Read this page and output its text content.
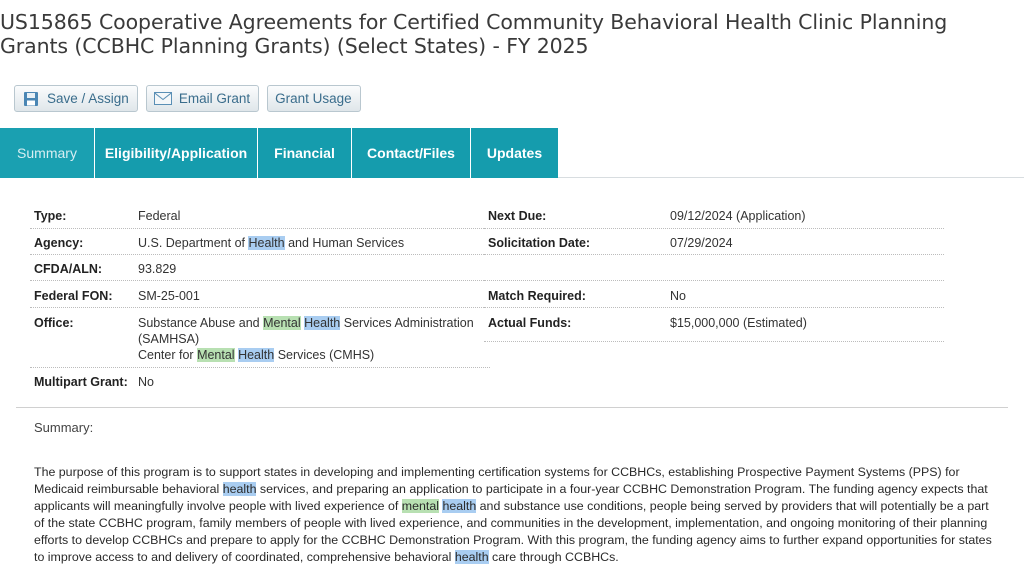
US15865 Cooperative Agreements for Certified Community Behavioral Health Clinic Planning Grants (CCBHC Planning Grants) (Select States) - FY 2025
Save / Assign	Email Grant Grant Usage
Summary	Eligibility/Application	Financial	Contact/Files	Updates
Type:	Federal
Agency:	U.S. Department of Health and Human Services
CFDA/ALN:	93.829
Federal FON: SM-25-001
Office:	Substance Abuse and Mental Health Services Administration
(SAMHSA)
Center for Mental Health Services (CMHS)
Multipart Grant: No
Next Due:	09/12/2024 (Application)
Solicitation Date:	07/29/2024
Match Required:	No
Actual Funds:	$15,000,000 (Estimated)
Summary:
The purpose of this program is to support states in developing and implementing certification systems for CCBHCs, establishing Prospective Payment Systems (PPS) for Medicaid reimbursable behavioral health services, and preparing an application to participate in a four-year CCBHC Demonstration Program. The funding agency expects that applicants will meaningfully involve people with lived experience of mental health and substance use conditions, people being served by providers that will potentially be a part of the state CCBHC program, family members of people with lived experience, and communities in the development, implementation, and ongoing monitoring of their planning efforts to develop CCBHCs and prepare to apply for the CCBHC Demonstration Program. With this program, the funding agency aims to further expand opportunities for states to improve access to and delivery of coordinated, comprehensive behavioral health care through CCBHCs.
